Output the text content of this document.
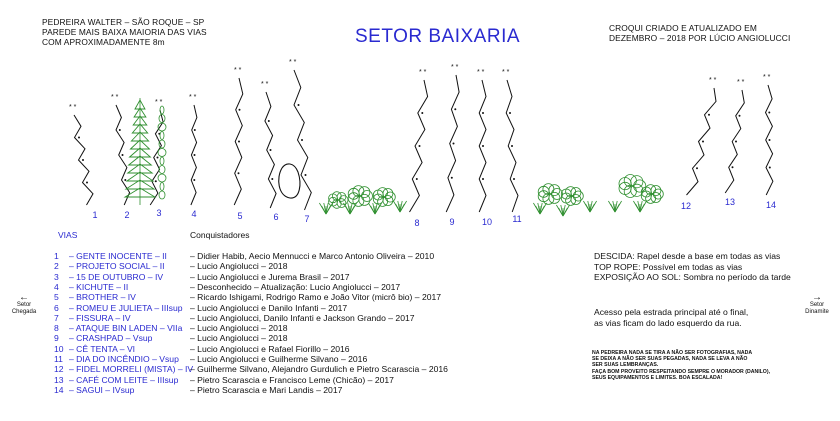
PEDREIRA WALTER – SÃO ROQUE – SP
PAREDE MAIS BAIXA MAIORIA DAS VIAS
COM APROXIMADAMENTE 8m	SETOR BAIXARIA	CROQUI CRIADO E ATUALIZADO EM
DEZEMBRO – 2018 POR LÚCIO ANGIOLUCCI
* *
* *
* *
* *
* *
* *
* *
* *
* *
* *	* *
* *	* *
* *
1	2	3	4	5	6	7	8	9	10 11
12	13	14
VIAS	Conquistadores
1 – GENTE INOCENTE – II	– Didier Habib, Aecio Mennucci e Marco Antonio Oliveira – 2010
2 – PROJETO SOCIAL – II	– Lucio Angiolucci – 2018
3 – 15 DE OUTUBRO – IV	– Lucio Angiolucci e Jurema Brasil – 2017
4 – KICHUTE – II	– Desconhecido – Atualização: Lucio Angiolucci – 2017
5 – BROTHER – IV	– Ricardo Ishigami, Rodrigo Ramo e João Vitor (micrô bio) – 2017
6 – ROMEU E JULIETA – IIIsup – Lucio Angiolucci e Danilo Infanti – 2017
7 – FISSURA – IV	– Lucio Angiolucci, Danilo Infanti e Jackson Grando – 2017
8 – ATAQUE BIN LADEN – VIIa – Lucio Angiolucci – 2018
9 – CRASHPAD – Vsup	– Lucio Angiolucci – 2018
10 – CÊ TENTA – VI	– Lucio Angiolucci e Rafael Fiorillo – 2016
11 – DIA DO INCÊNDIO – Vsup – Lucio Angiolucci e Guilherme Silvano – 2016
12 – FIDEL MORRELI (MISTA) – IV
– Guilherme Silvano, Alejandro Gurdulich e Pietro Scarascia – 2016
13 – CAFÉ COM LEITE – IIIsup – Pietro Scarascia e Francisco Leme (Chicão) – 2017
14 – SAGUI – IVsup	– Pietro Scarascia e Mari Landis – 2017
DESCIDA: Rapel desde a base em todas as vias
TOP ROPE: Possível em todas as vias
EXPOSIÇÃO AO SOL: Sombra no período da tarde
Acesso pela estrada principal até o final,
as vias ficam do lado esquerdo da rua.
NA PEDREIRA NADA SE TIRA A NÃO SER FOTOGRAFIAS, NADA
SE DEIXA A NÃO SER SUAS PEGADAS, NADA SE LEVA A NÃO
SER SUAS LEMBRANÇAS.
FAÇA BOM PROVEITO RESPEITANDO SEMPRE O MORADOR (DANILO),
SEUS EQUIPAMENTOS E LIMITES. BOA ESCALADA!
←
Setor Chegada
→
Setor Dinamite
